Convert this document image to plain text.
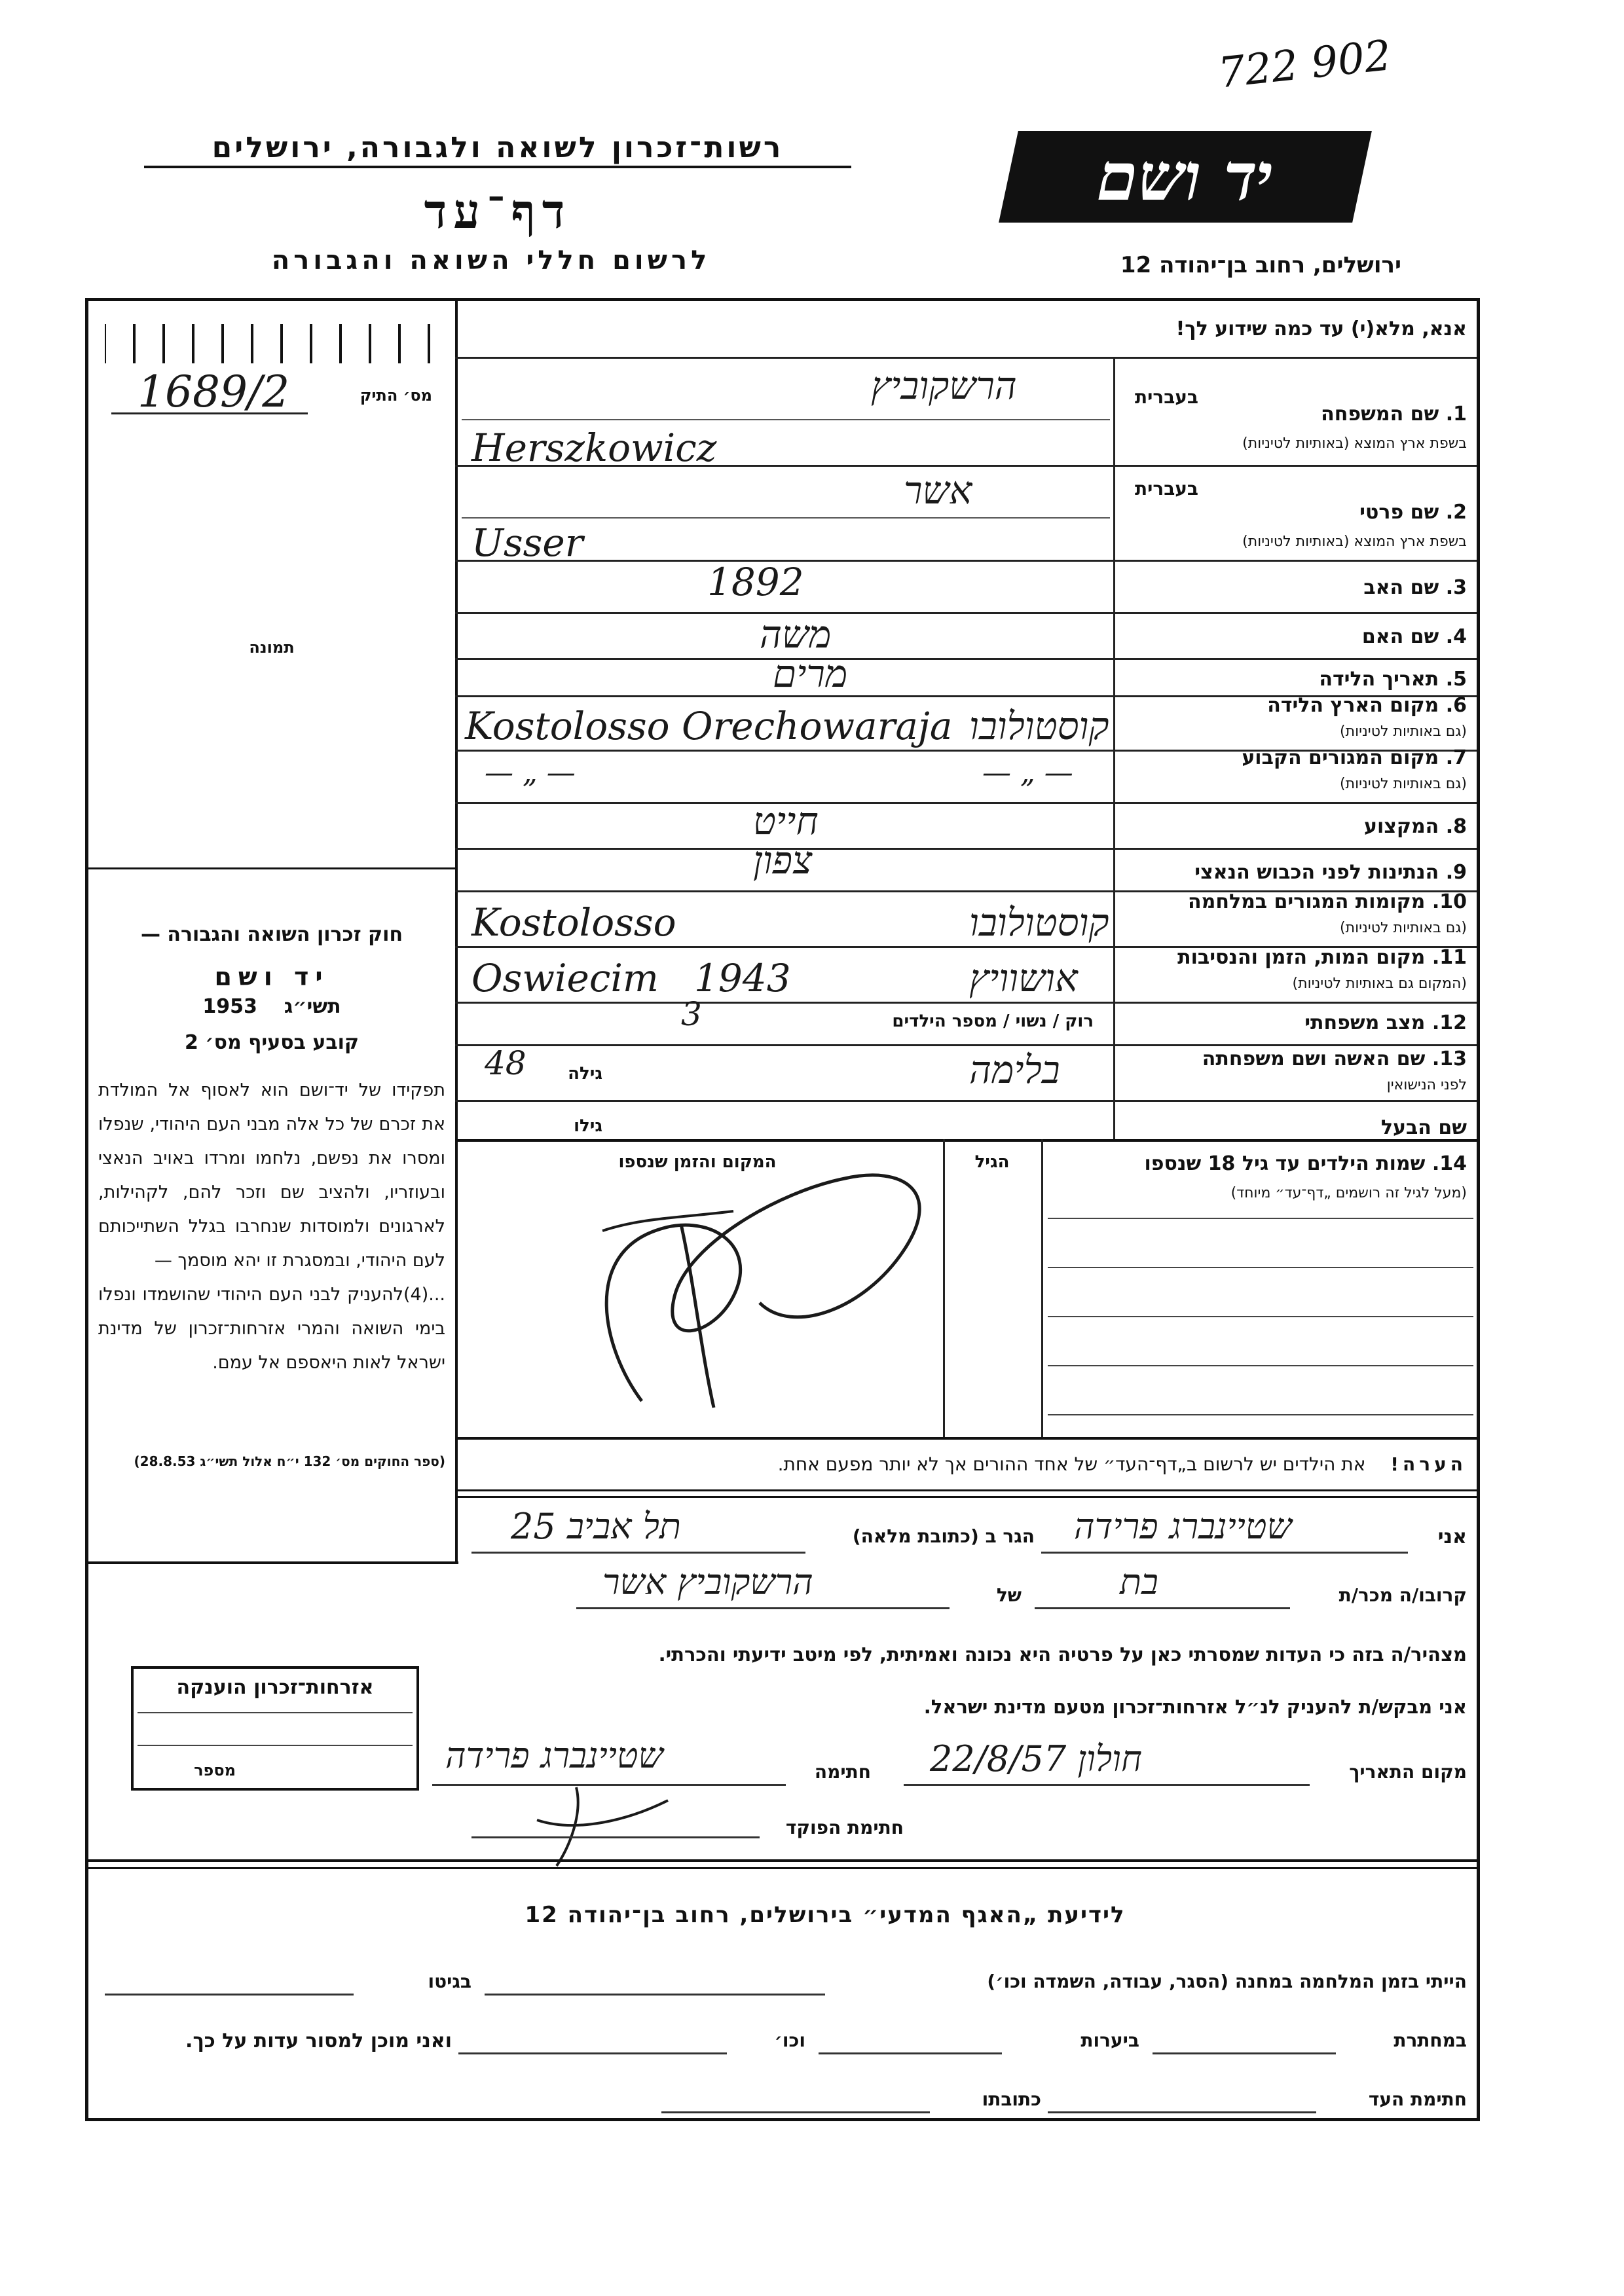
722 902
רשות־זכרון לשואה ולגבורה, ירושלים
דף־עד
לרשום חללי השואה והגבורה
יד ושם
ירושלים, רחוב בן־יהודה 12
מס׳ התיק
1689/2
תמונה
חוק זכרון השואה והגבורה —
יד ושם
תשי״ג  1953
קובע בסעיף מס׳ 2
תפקידו של יד־ושם הוא לאסוף אל המולדת את זכרם של כל אלה מבני העם היהודי, שנפלו ומסרו את נפשם, נלחמו ומרדו באויב הנאצי ובעוזריו, ולהציב שם וזכר להם, לקהילות, לארגונים ולמוסדות שנחרבו בגלל השתייכותם לעם היהודי, ובמסגרת זו יהא מוסמך —
...(4)להעניק לבני העם היהודי שהושמדו ונפלו בימי השואה והמרי אזרחות־זכרון של מדינת ישראל לאות היאספם אל עמם.
(ספר החוקים מס׳ 132 י״ח אלול תשי״ג 28.8.53)
אנא, מלא(י) עד כמה שידוע לך!
בעברית
1. שם המשפחה
בשפת ארץ המוצא (באותיות לטיניות)
הרשקוביץ
Herszkowicz
בעברית
2. שם פרטי
בשפת ארץ המוצא (באותיות לטיניות)
אשר
Usser
3. שם האב
1892
4. שם האם
משה
5. תאריך הלידה
מרים
6. מקום הארץ הלידה
(גם באותיות לטיניות)
Kostolosso Orechowaraja קוסטולובו
7. מקום המגורים הקבוע
(גם באותיות לטיניות)
— „ —	— „ —
8. המקצוע
חייט
9. הנתינות לפני הכבוש הנאצי
צפון
10. מקומות המגורים במלחמה
(גם באותיות לטיניות)
Kostolosso	קוסטולובו
11. מקום המות, הזמן והנסיבות
(המקום גם באותיות לטיניות)
Oswiecim 1943	אושוויץ
12. מצב משפחתי
רוק / נשוי / מספר הילדים
3
13. שם האשה ושם משפחתה
לפני הנישואין
48	גילה	בלימה
שם הבעל
גילו
14. שמות הילדים עד גיל 18 שנספו
(מעל לגיל זה רושמים „דף־עד״ מיוחד)
הגיל
המקום והזמן שנספו
הערה!  את הילדים יש לרשום ב„דף־העד״ של אחד ההורים אך לא יותר מפעם אחת.
אני
שטיינברג פרידה
הגר ב (כתובת מלאה)
תל אביב 25
קרובו/ה מכר/ת
בת
של
הרשקוביץ אשר
מצהיר/ה בזה כי העדות שמסרתי כאן על פרטיה היא נכונה ואמיתית, לפי מיטב ידיעתי והכרתי.
אני מבקש/ת להעניק לנ״ל אזרחות־זכרון מטעם מדינת ישראל.
מקום התאריך
חולון 22/8/57
חתימה
שטיינברג פרידה
חתימת הפוקד
אזרחות־זכרון הוענקה
מספר
לידיעת „האגף המדעי״ בירושלים, רחוב בן־יהודה 12
הייתי בזמן המלחמה במחנה (הסגר, עבודה, השמדה וכו׳)
בגיטו
במחתרת
ביערות
וכו׳
ואני מוכן למסור עדות על כך.
חתימת העד
כתובתו
